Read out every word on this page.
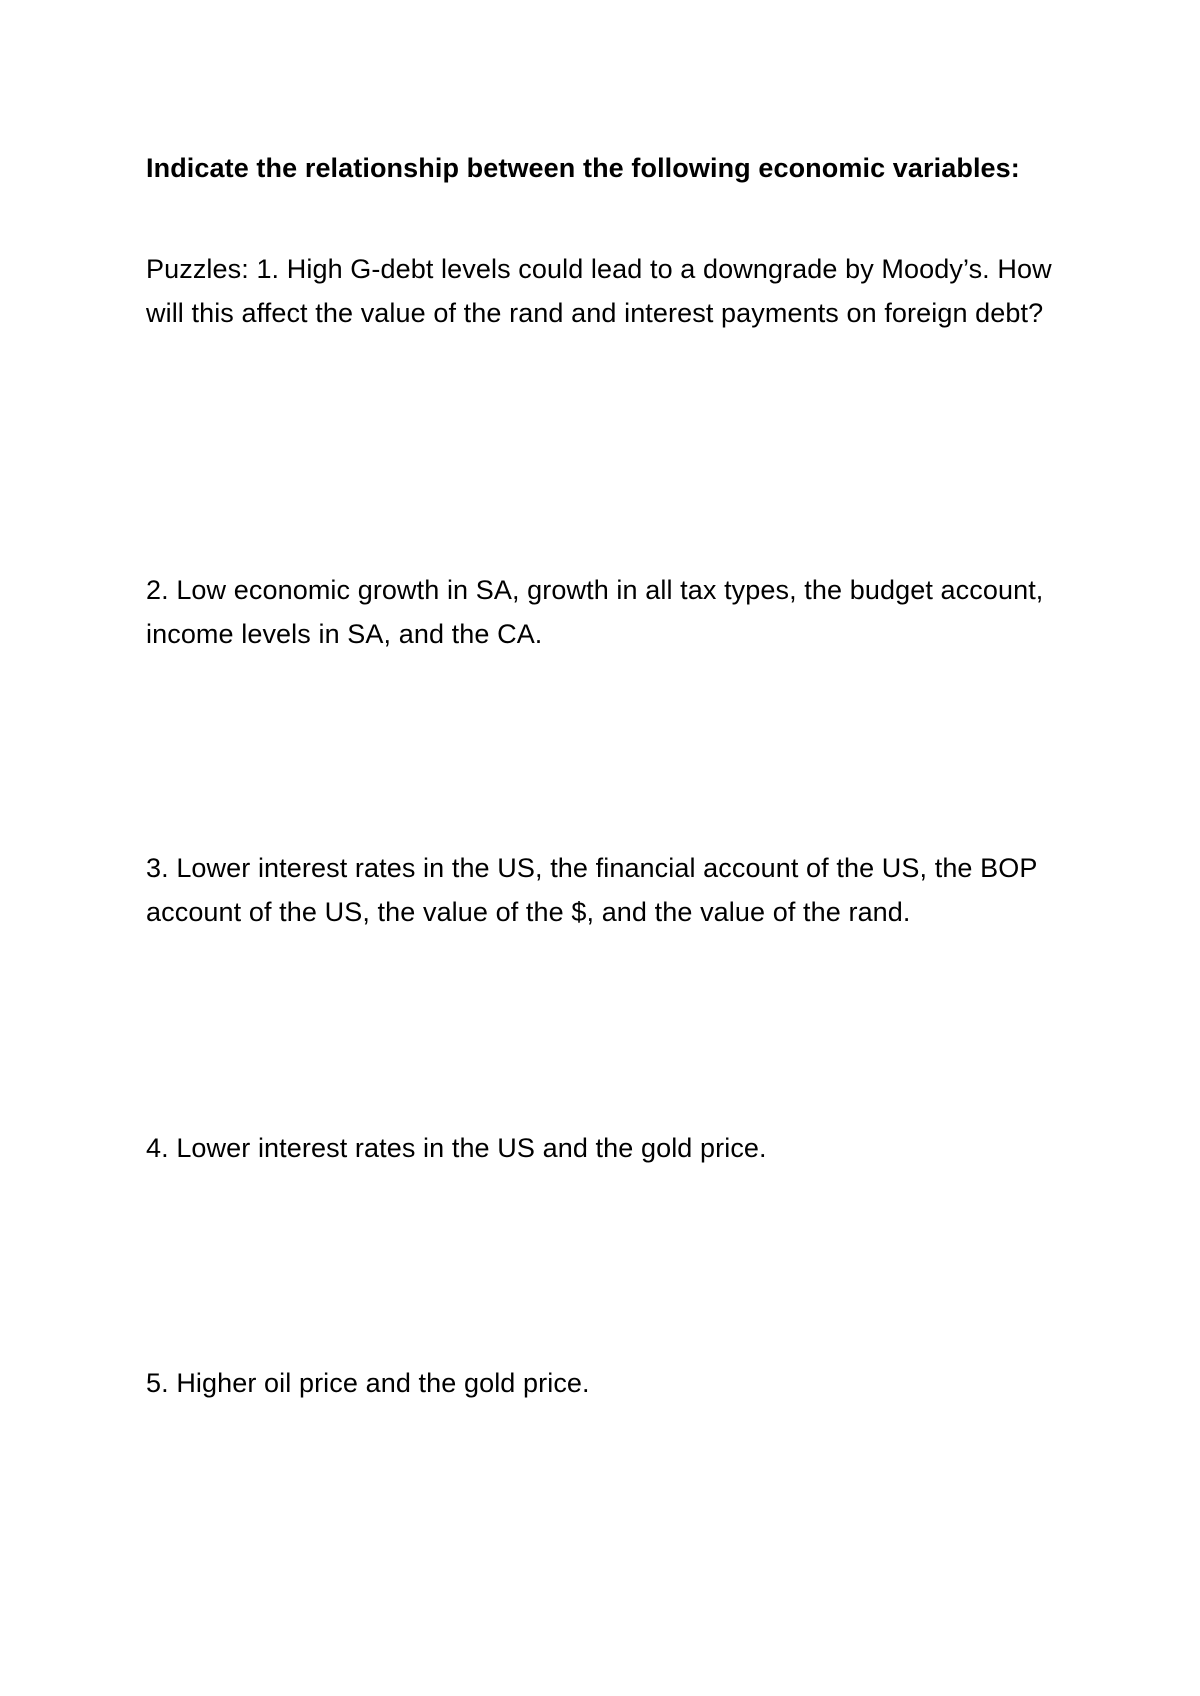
Indicate the relationship between the following economic variables:
Puzzles: 1. High G-debt levels could lead to a downgrade by Moody’s. How will this affect the value of the rand and interest payments on foreign debt?
2. Low economic growth in SA, growth in all tax types, the budget account, income levels in SA, and the CA.
3. Lower interest rates in the US, the financial account of the US, the BOP account of the US, the value of the $, and the value of the rand.
4. Lower interest rates in the US and the gold price.
5. Higher oil price and the gold price.
